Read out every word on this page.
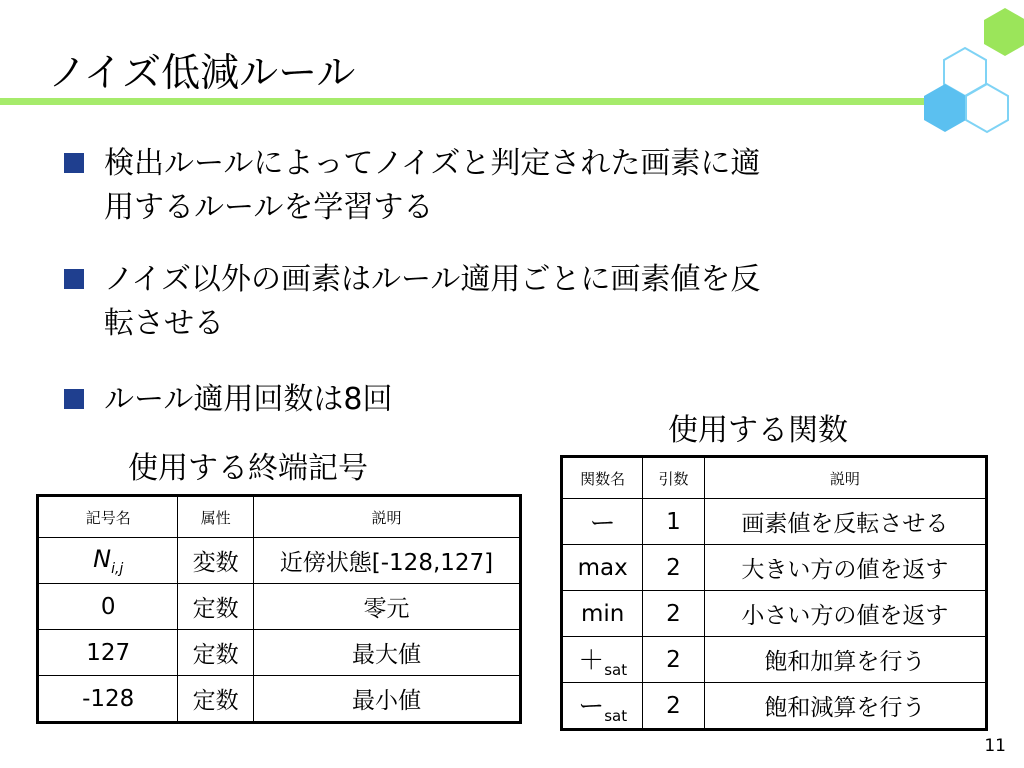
ノイズ低減ルール
検出ルールによってノイズと判定された画素に適
用するルールを学習する
ノイズ以外の画素はルール適用ごとに画素値を反
転させる
ルール適用回数は8回
使用する終端記号
使用する関数
記号名	属性	説明
$N_{i,j}$	変数	近傍状態[-128,127]
0	定数	零元
127	定数	最大値
-128	定数	最小値
関数名	引数	説明
ー	1	画素値を反転させる
max	2	大きい方の値を返す
min	2	小さい方の値を返す
$+_{sat}$	2	飽和加算を行う
ー$_{sat}$	2	飽和減算を行う
11
